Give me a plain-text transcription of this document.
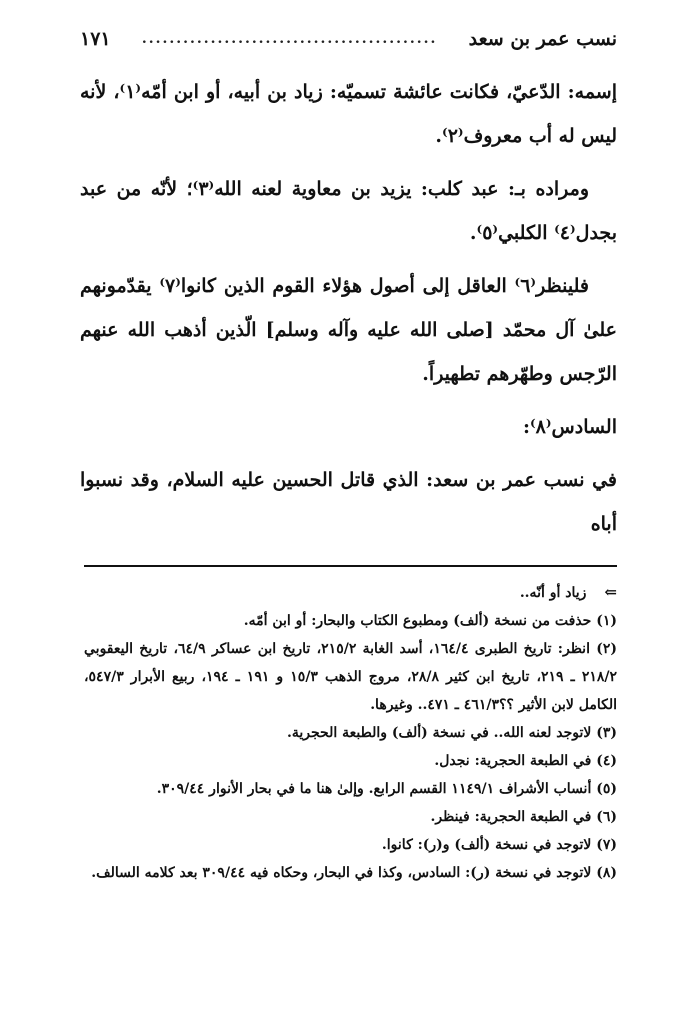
نسب عمر بن سعد
...........................................
١٧١

إسمه: الدّعيّ، فكانت عائشة تسميّه: زياد بن أبيه، أو ابن أمّه⁽١⁾، لأنه ليس له أب معروف⁽٢⁾.

ومراده بـ: عبد كلب: يزيد بن معاوية لعنه الله⁽٣⁾؛ لأنّه من عبد بجدل⁽٤⁾ الكلبي⁽٥⁾.

فلينظر⁽٦⁾ العاقل إلى أصول هؤلاء القوم الذين كانوا⁽٧⁾ يقدّمونهم علىٰ آل محمّد [صلى الله عليه وآله وسلم] الّذين أذهب الله عنهم الرّجس وطهّرهم تطهيراً.

السادس⁽٨⁾:

في نسب عمر بن سعد: الذي قاتل الحسين عليه السلام، وقد نسبوا أباه

⇐زياد أو أنّه..

(١) حذفت من نسخة (ألف) ومطبوع الكتاب والبحار: أو ابن أمّه.
(٢) انظر: تاريخ الطبرى ١٦٤/٤، أسد الغابة ٢١٥/٢، تاريخ ابن عساكر ٦٤/٩، تاريخ اليعقوبي ٢١٨/٢ ـ ٢١٩، تاريخ ابن كثير ٢٨/٨، مروج الذهب ١٥/٣ و ١٩١ ـ ١٩٤، ربيع الأبرار ٥٤٧/٣، الكامل لابن الأثير ؟؟٤٦١/٣ ـ ٤٧١.. وغيرها.
(٣) لاتوجد لعنه الله.. في نسخة (ألف) والطبعة الحجرية.
(٤) في الطبعة الحجرية: نجدل.
(٥) أنساب الأشراف ١١٤٩/١ القسم الرابع. وإلىٰ هنا ما في بحار الأنوار ٣٠٩/٤٤.
(٦) في الطبعة الحجرية: فينظر.
(٧) لاتوجد في نسخة (ألف) و(ر): كانوا.
(٨) لاتوجد في نسخة (ر): السادس، وكذا في البحار، وحكاه فيه ٣٠٩/٤٤ بعد كلامه السالف.
